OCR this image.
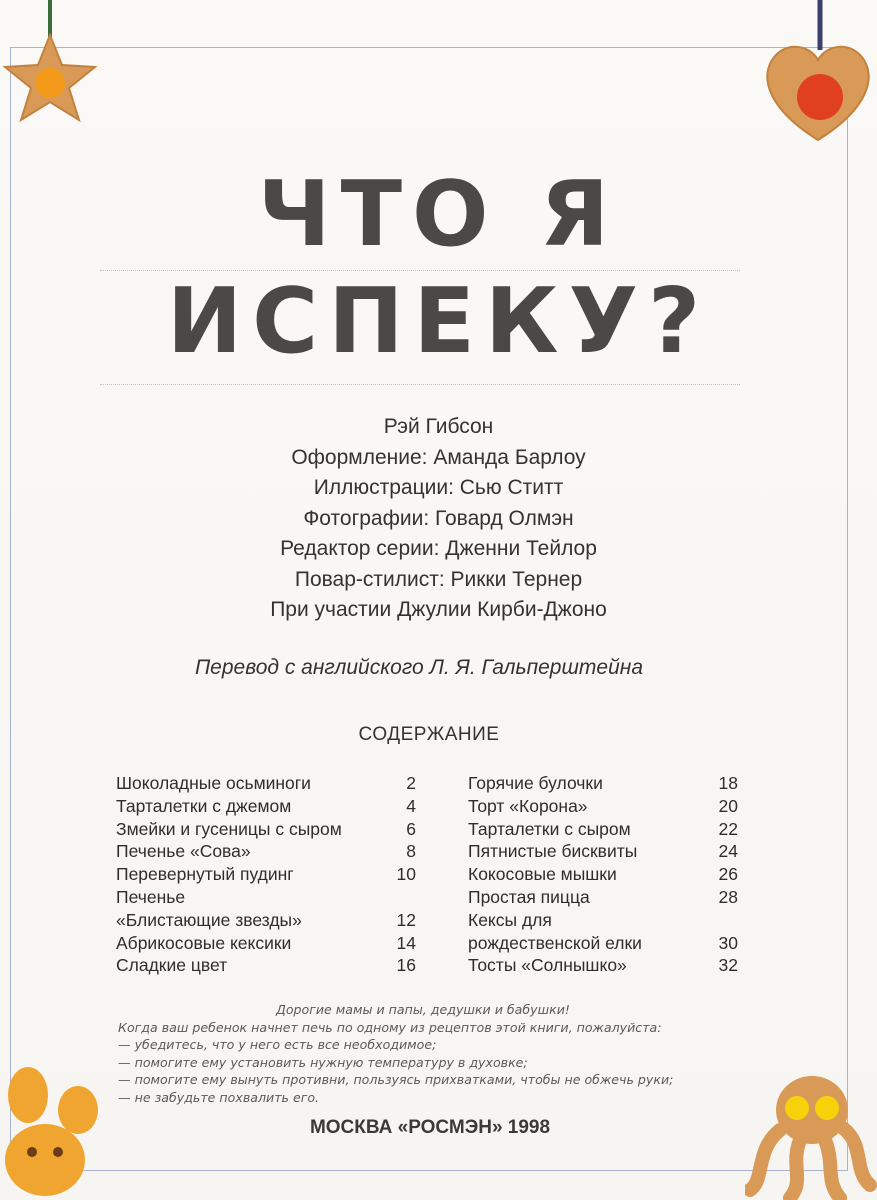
ЧТО Я
ИСПЕКУ?
Рэй Гибсон
Оформление: Аманда Барлоу
Иллюстрации: Сью Ститт
Фотографии: Говард Олмэн
Редактор серии: Дженни Тейлор
Повар-стилист: Рикки Тернер
При участии Джулии Кирби-Джоно
Перевод с английского Л. Я. Гальперштейна
СОДЕРЖАНИЕ
Шоколадные осьминоги	2
Тарталетки с джемом	4
Змейки и гусеницы с сыром	6
Печенье «Сова»	8
Перевернутый пудинг	10
Печенье
«Блистающие звезды»	12
Абрикосовые кексики	14
Сладкие цвет	16
Горячие булочки	18
Торт «Корона»	20
Тарталетки с сыром	22
Пятнистые бисквиты	24
Кокосовые мышки	26
Простая пицца	28
Кексы для
рождественской елки	30
Тосты «Солнышко»	32
Дорогие мамы и папы, дедушки и бабушки!
Когда ваш ребенок начнет печь по одному из рецептов этой книги, пожалуйста:
— убедитесь, что у него есть все необходимое;
— помогите ему установить нужную температуру в духовке;
— помогите ему вынуть противни, пользуясь прихватками, чтобы не обжечь руки;
— не забудьте похвалить его.
МОСКВА «РОСМЭН» 1998
